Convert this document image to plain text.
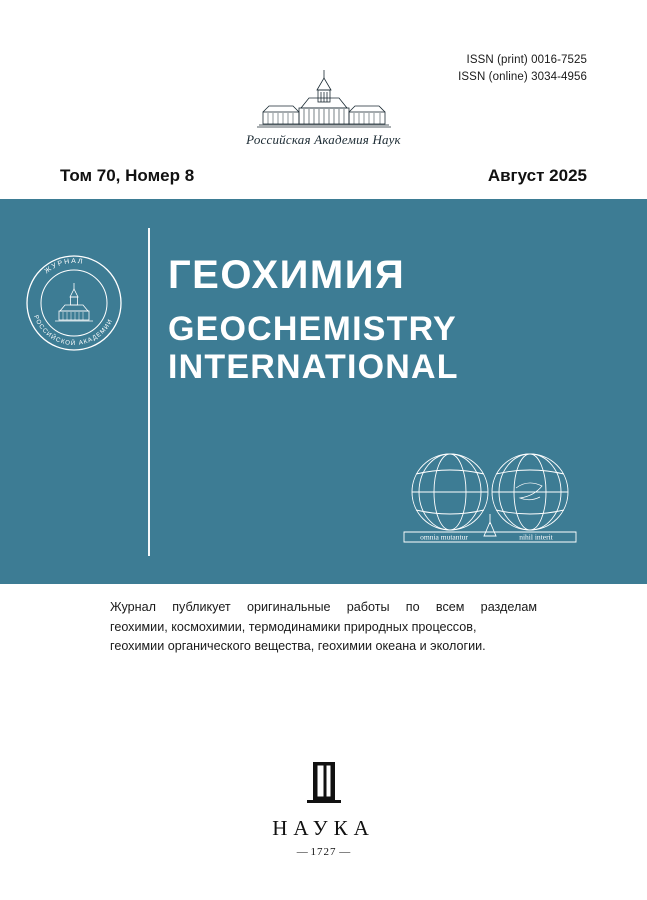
ISSN (print) 0016-7525
ISSN (online) 3034-4956
Российская Академия Наук
Том 70, Номер 8	Август 2025
ЖУРНАЛ
РОССИЙСКОЙ АКАДЕМИИ
ГЕОХИМИЯ
GEOCHEMISTRY
INTERNATIONAL
omnia mutantur	nihil interit
Журнал публикует оригинальные работы по всем разделам
геохимии, космохимии, термодинамики природных процессов,
геохимии органического вещества, геохимии океана и экологии.
НАУКА
— 1727 —
